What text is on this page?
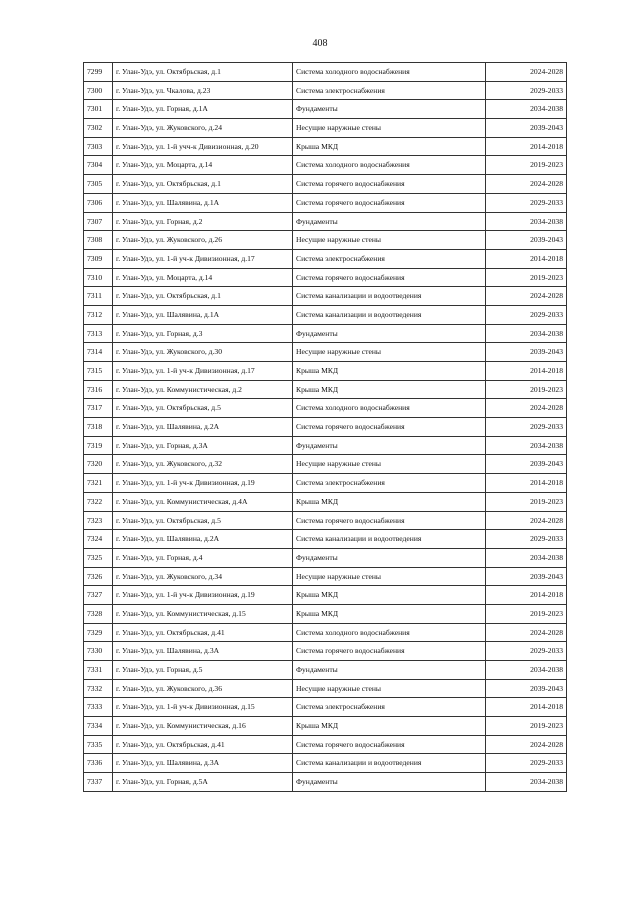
408
7299	г. Улан-Удэ, ул. Октябрьская, д.1	Система холодного водоснабжения	2024-2028
7300	г. Улан-Удэ, ул. Чкалова, д.23	Система электроснабжения	2029-2033
7301	г. Улан-Удэ, ул. Горная, д.1А	Фундаменты	2034-2038
7302	г. Улан-Удэ, ул. Жуковского, д.24	Несущие наружные стены	2039-2043
7303	г. Улан-Удэ, ул. 1-й учч-к Дивизионная, д.20	Крыша МКД	2014-2018
7304	г. Улан-Удэ, ул. Моцарта, д.14	Система холодного водоснабжения	2019-2023
7305	г. Улан-Удэ, ул. Октябрьская, д.1	Система горячего водоснабжения	2024-2028
7306	г. Улан-Удэ, ул. Шалявина, д.1А	Система горячего водоснабжения	2029-2033
7307	г. Улан-Удэ, ул. Горная, д.2	Фундаменты	2034-2038
7308	г. Улан-Удэ, ул. Жуковского, д.26	Несущие наружные стены	2039-2043
7309	г. Улан-Удэ, ул. 1-й уч-к Дивизионная, д.17	Система электроснабжения	2014-2018
7310	г. Улан-Удэ, ул. Моцарта, д.14	Система горячего водоснабжения	2019-2023
7311	г. Улан-Удэ, ул. Октябрьская, д.1	Система канализации и водоотведения	2024-2028
7312	г. Улан-Удэ, ул. Шалявина, д.1А	Система канализации и водоотведения	2029-2033
7313	г. Улан-Удэ, ул. Горная, д.3	Фундаменты	2034-2038
7314	г. Улан-Удэ, ул. Жуковского, д.30	Несущие наружные стены	2039-2043
7315	г. Улан-Удэ, ул. 1-й уч-к Дивизионная, д.17	Крыша МКД	2014-2018
7316	г. Улан-Удэ, ул. Коммунистическая, д.2	Крыша МКД	2019-2023
7317	г. Улан-Удэ, ул. Октябрьская, д.5	Система холодного водоснабжения	2024-2028
7318	г. Улан-Удэ, ул. Шалявина, д.2А	Система горячего водоснабжения	2029-2033
7319	г. Улан-Удэ, ул. Горная, д.3А	Фундаменты	2034-2038
7320	г. Улан-Удэ, ул. Жуковского, д.32	Несущие наружные стены	2039-2043
7321	г. Улан-Удэ, ул. 1-й уч-к Дивизионная, д.19	Система электроснабжения	2014-2018
7322	г. Улан-Удэ, ул. Коммунистическая, д.4А	Крыша МКД	2019-2023
7323	г. Улан-Удэ, ул. Октябрьская, д.5	Система горячего водоснабжения	2024-2028
7324	г. Улан-Удэ, ул. Шалявина, д.2А	Система канализации и водоотведения	2029-2033
7325	г. Улан-Удэ, ул. Горная, д.4	Фундаменты	2034-2038
7326	г. Улан-Удэ, ул. Жуковского, д.34	Несущие наружные стены	2039-2043
7327	г. Улан-Удэ, ул. 1-й уч-к Дивизионная, д.19	Крыша МКД	2014-2018
7328	г. Улан-Удэ, ул. Коммунистическая, д.15	Крыша МКД	2019-2023
7329	г. Улан-Удэ, ул. Октябрьская, д.41	Система холодного водоснабжения	2024-2028
7330	г. Улан-Удэ, ул. Шалявина, д.3А	Система горячего водоснабжения	2029-2033
7331	г. Улан-Удэ, ул. Горная, д.5	Фундаменты	2034-2038
7332	г. Улан-Удэ, ул. Жуковского, д.36	Несущие наружные стены	2039-2043
7333	г. Улан-Удэ, ул. 1-й уч-к Дивизионная, д.15	Система электроснабжения	2014-2018
7334	г. Улан-Удэ, ул. Коммунистическая, д.16	Крыша МКД	2019-2023
7335	г. Улан-Удэ, ул. Октябрьская, д.41	Система горячего водоснабжения	2024-2028
7336	г. Улан-Удэ, ул. Шалявина, д.3А	Система канализации и водоотведения	2029-2033
7337	г. Улан-Удэ, ул. Горная, д.5А	Фундаменты	2034-2038
